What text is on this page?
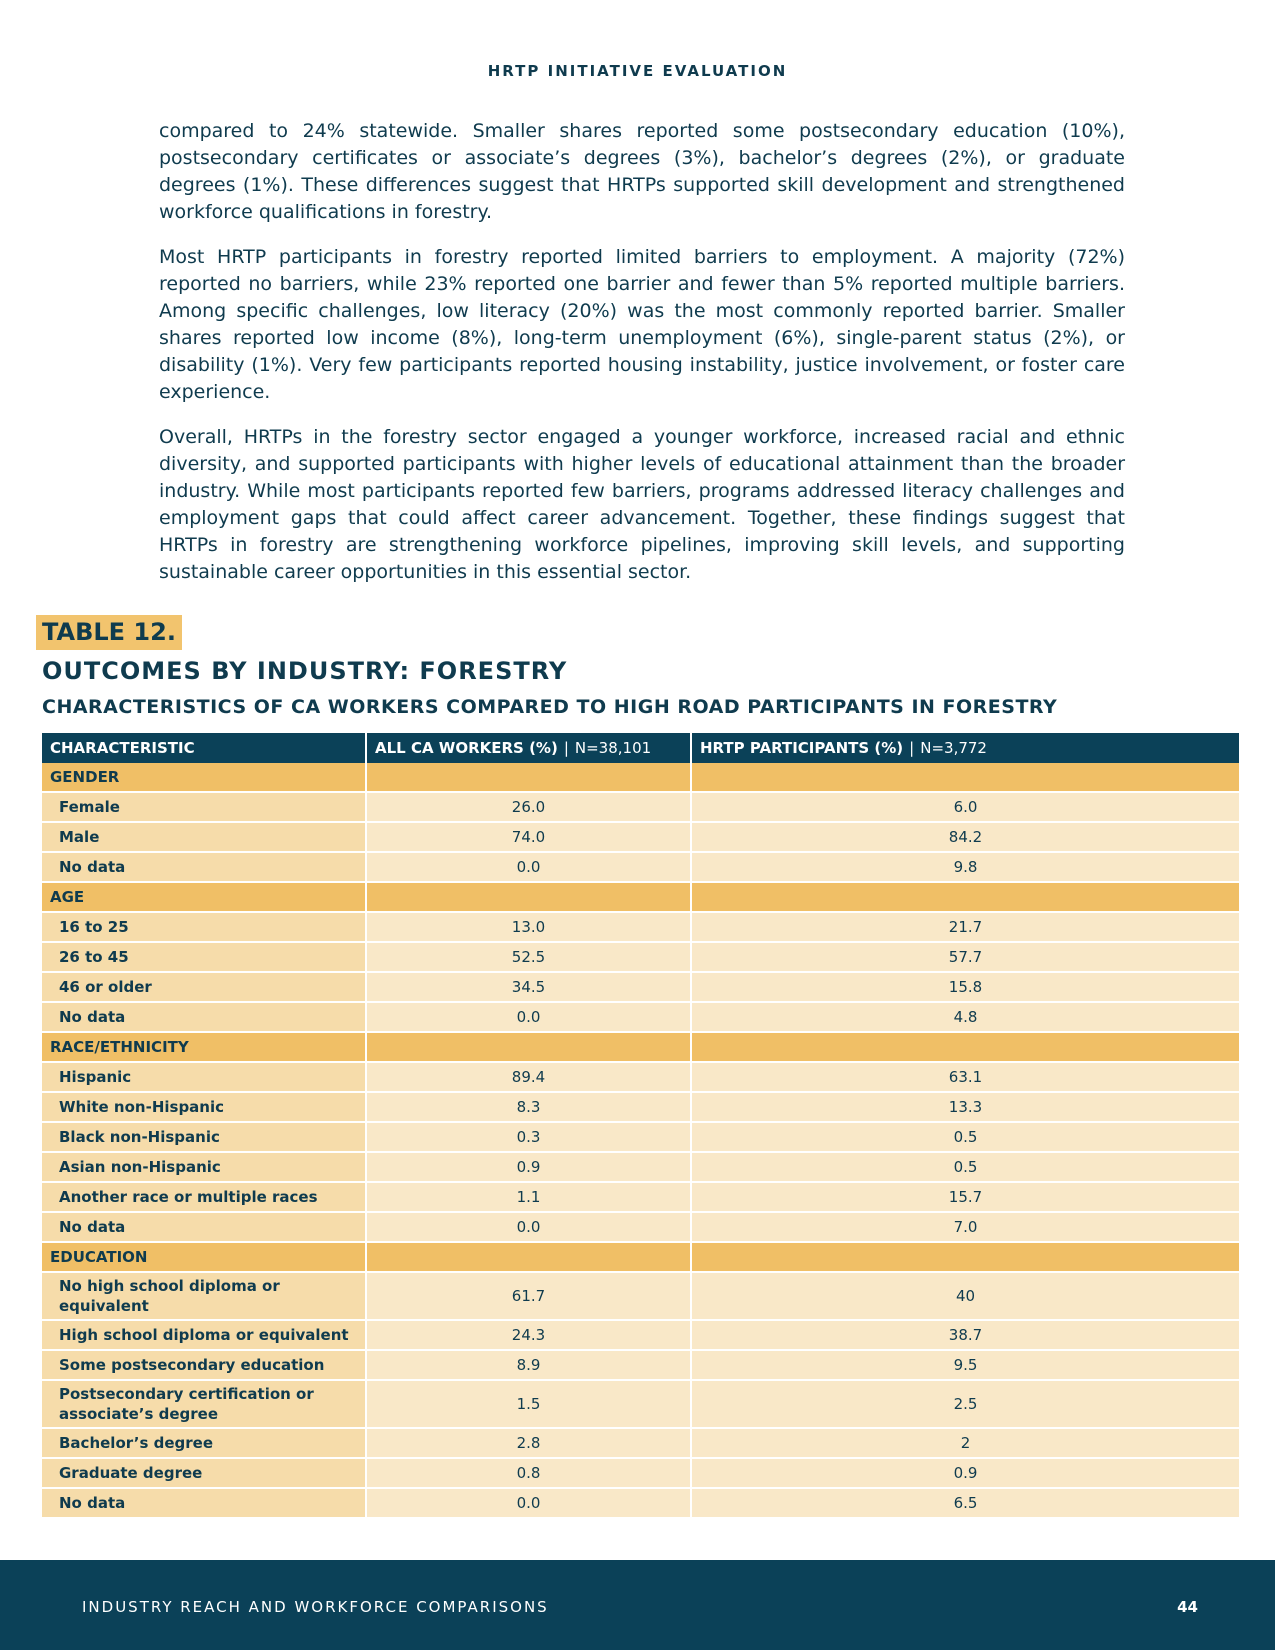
HRTP INITIATIVE EVALUATION

compared to 24% statewide. Smaller shares reported some postsecondary education (10%), postsecondary certificates or associate’s degrees (3%), bachelor’s degrees (2%), or graduate degrees (1%). These differences suggest that HRTPs supported skill development and strengthened workforce qualifications in forestry.

Most HRTP participants in forestry reported limited barriers to employment. A majority (72%) reported no barriers, while 23% reported one barrier and fewer than 5% reported multiple barriers. Among specific challenges, low literacy (20%) was the most commonly reported barrier. Smaller shares reported low income (8%), long-term unemployment (6%), single-parent status (2%), or disability (1%). Very few participants reported housing instability, justice involvement, or foster care experience.

Overall, HRTPs in the forestry sector engaged a younger workforce, increased racial and ethnic diversity, and supported participants with higher levels of educational attainment than the broader industry. While most participants reported few barriers, programs addressed literacy challenges and employment gaps that could affect career advancement. Together, these findings suggest that HRTPs in forestry are strengthening workforce pipelines, improving skill levels, and supporting sustainable career opportunities in this essential sector.

TABLE 12.
OUTCOMES BY INDUSTRY: FORESTRY
CHARACTERISTICS OF CA WORKERS COMPARED TO HIGH ROAD PARTICIPANTS IN FORESTRY
CHARACTERISTIC	ALL CA WORKERS (%) | N=38,101	HRTP PARTICIPANTS (%) | N=3,772
GENDER		
Female	26.0	6.0
Male	74.0	84.2
No data	0.0	9.8
AGE		
16 to 25	13.0	21.7
26 to 45	52.5	57.7
46 or older	34.5	15.8
No data	0.0	4.8
RACE/ETHNICITY		
Hispanic	89.4	63.1
White non-Hispanic	8.3	13.3
Black non-Hispanic	0.3	0.5
Asian non-Hispanic	0.9	0.5
Another race or multiple races	1.1	15.7
No data	0.0	7.0
EDUCATION		
No high school diploma or equivalent	61.7	40
High school diploma or equivalent	24.3	38.7
Some postsecondary education	8.9	9.5
Postsecondary certification or associate’s degree	1.5	2.5
Bachelor’s degree	2.8	2
Graduate degree	0.8	0.9
No data	0.0	6.5
INDUSTRY REACH AND WORKFORCE COMPARISONS	44
